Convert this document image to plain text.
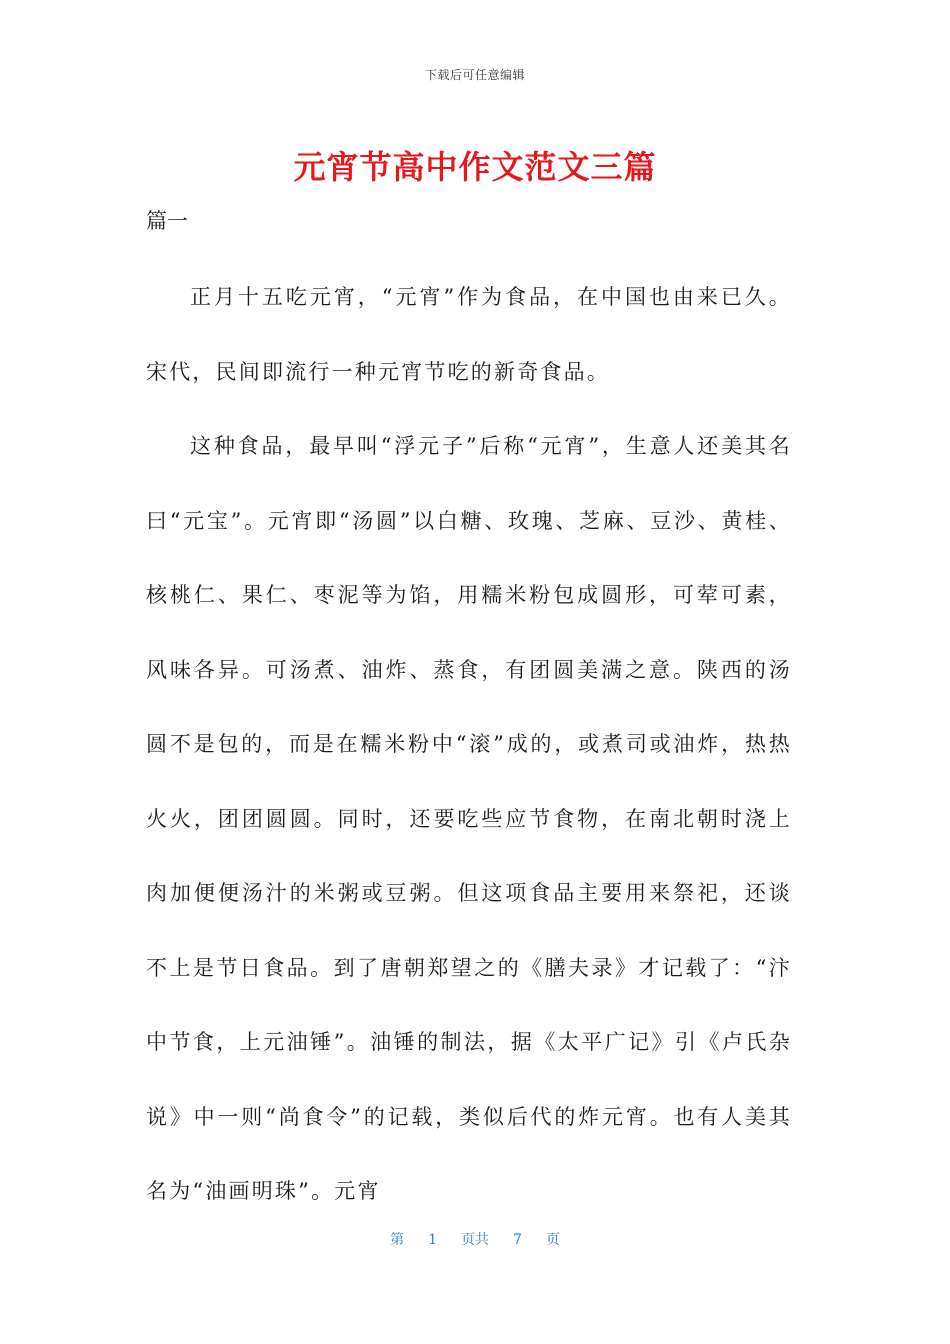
下载后可任意编辑
元宵节高中作文范文三篇
篇一

正月十五吃元宵，“元宵”作为食品，在中国也由来已久。宋代，民间即流行一种元宵节吃的新奇食品。

这种食品，最早叫“浮元子”后称“元宵”，生意人还美其名曰“元宝”。元宵即“汤圆”以白糖、玫瑰、芝麻、豆沙、黄桂、核桃仁、果仁、枣泥等为馅，用糯米粉包成圆形，可荤可素，风味各异。可汤煮、油炸、蒸食，有团圆美满之意。陕西的汤圆不是包的，而是在糯米粉中“滚”成的，或煮司或油炸，热热火火，团团圆圆。同时，还要吃些应节食物，在南北朝时浇上肉加便便汤汁的米粥或豆粥。但这项食品主要用来祭祀，还谈不上是节日食品。到了唐朝郑望之的《膳夫录》才记载了：“汴中节食，上元油锤”。油锤的制法，据《太平广记》引《卢氏杂说》中一则“尚食令”的记载，类似后代的炸元宵。也有人美其名为“油画明珠”。元宵

第 1 页共 7 页
